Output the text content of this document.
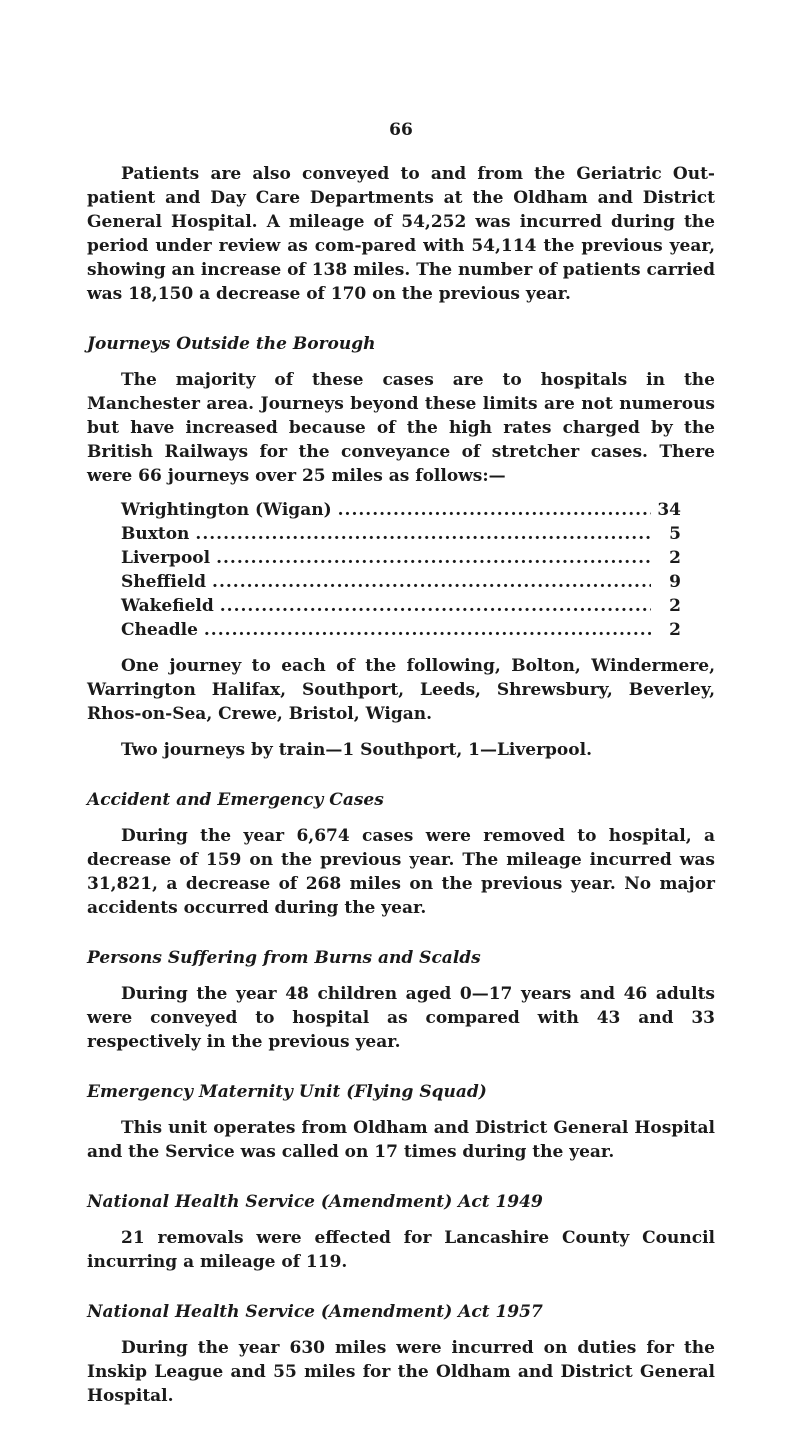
66

Patients are also conveyed to and from the Geriatric Out-patient and Day Care Departments at the Oldham and District General Hospital. A mileage of 54,252 was incurred during the period under review as com-pared with 54,114 the previous year, showing an increase of 138 miles. The number of patients carried was 18,150 a decrease of 170 on the previous year.

Journeys Outside the Borough

The majority of these cases are to hospitals in the Manchester area. Journeys beyond these limits are not numerous but have increased because of the high rates charged by the British Railways for the conveyance of stretcher cases. There were 66 journeys over 25 miles as follows:—

Wrightington (Wigan) .....	34
Buxton .....	5
Liverpool .....	2
Sheffield .....	9
Wakefield .....	2
Cheadle .....	2

One journey to each of the following, Bolton, Windermere, Warrington Halifax, Southport, Leeds, Shrewsbury, Beverley, Rhos-on-Sea, Crewe, Bristol, Wigan.

Two journeys by train—1 Southport, 1—Liverpool.

Accident and Emergency Cases

During the year 6,674 cases were removed to hospital, a decrease of 159 on the previous year. The mileage incurred was 31,821, a decrease of 268 miles on the previous year. No major accidents occurred during the year.

Persons Suffering from Burns and Scalds

During the year 48 children aged 0—17 years and 46 adults were conveyed to hospital as compared with 43 and 33 respectively in the previous year.

Emergency Maternity Unit (Flying Squad)

This unit operates from Oldham and District General Hospital and the Service was called on 17 times during the year.

National Health Service (Amendment) Act 1949

21 removals were effected for Lancashire County Council incurring a mileage of 119.

National Health Service (Amendment) Act 1957

During the year 630 miles were incurred on duties for the Inskip League and 55 miles for the Oldham and District General Hospital.
